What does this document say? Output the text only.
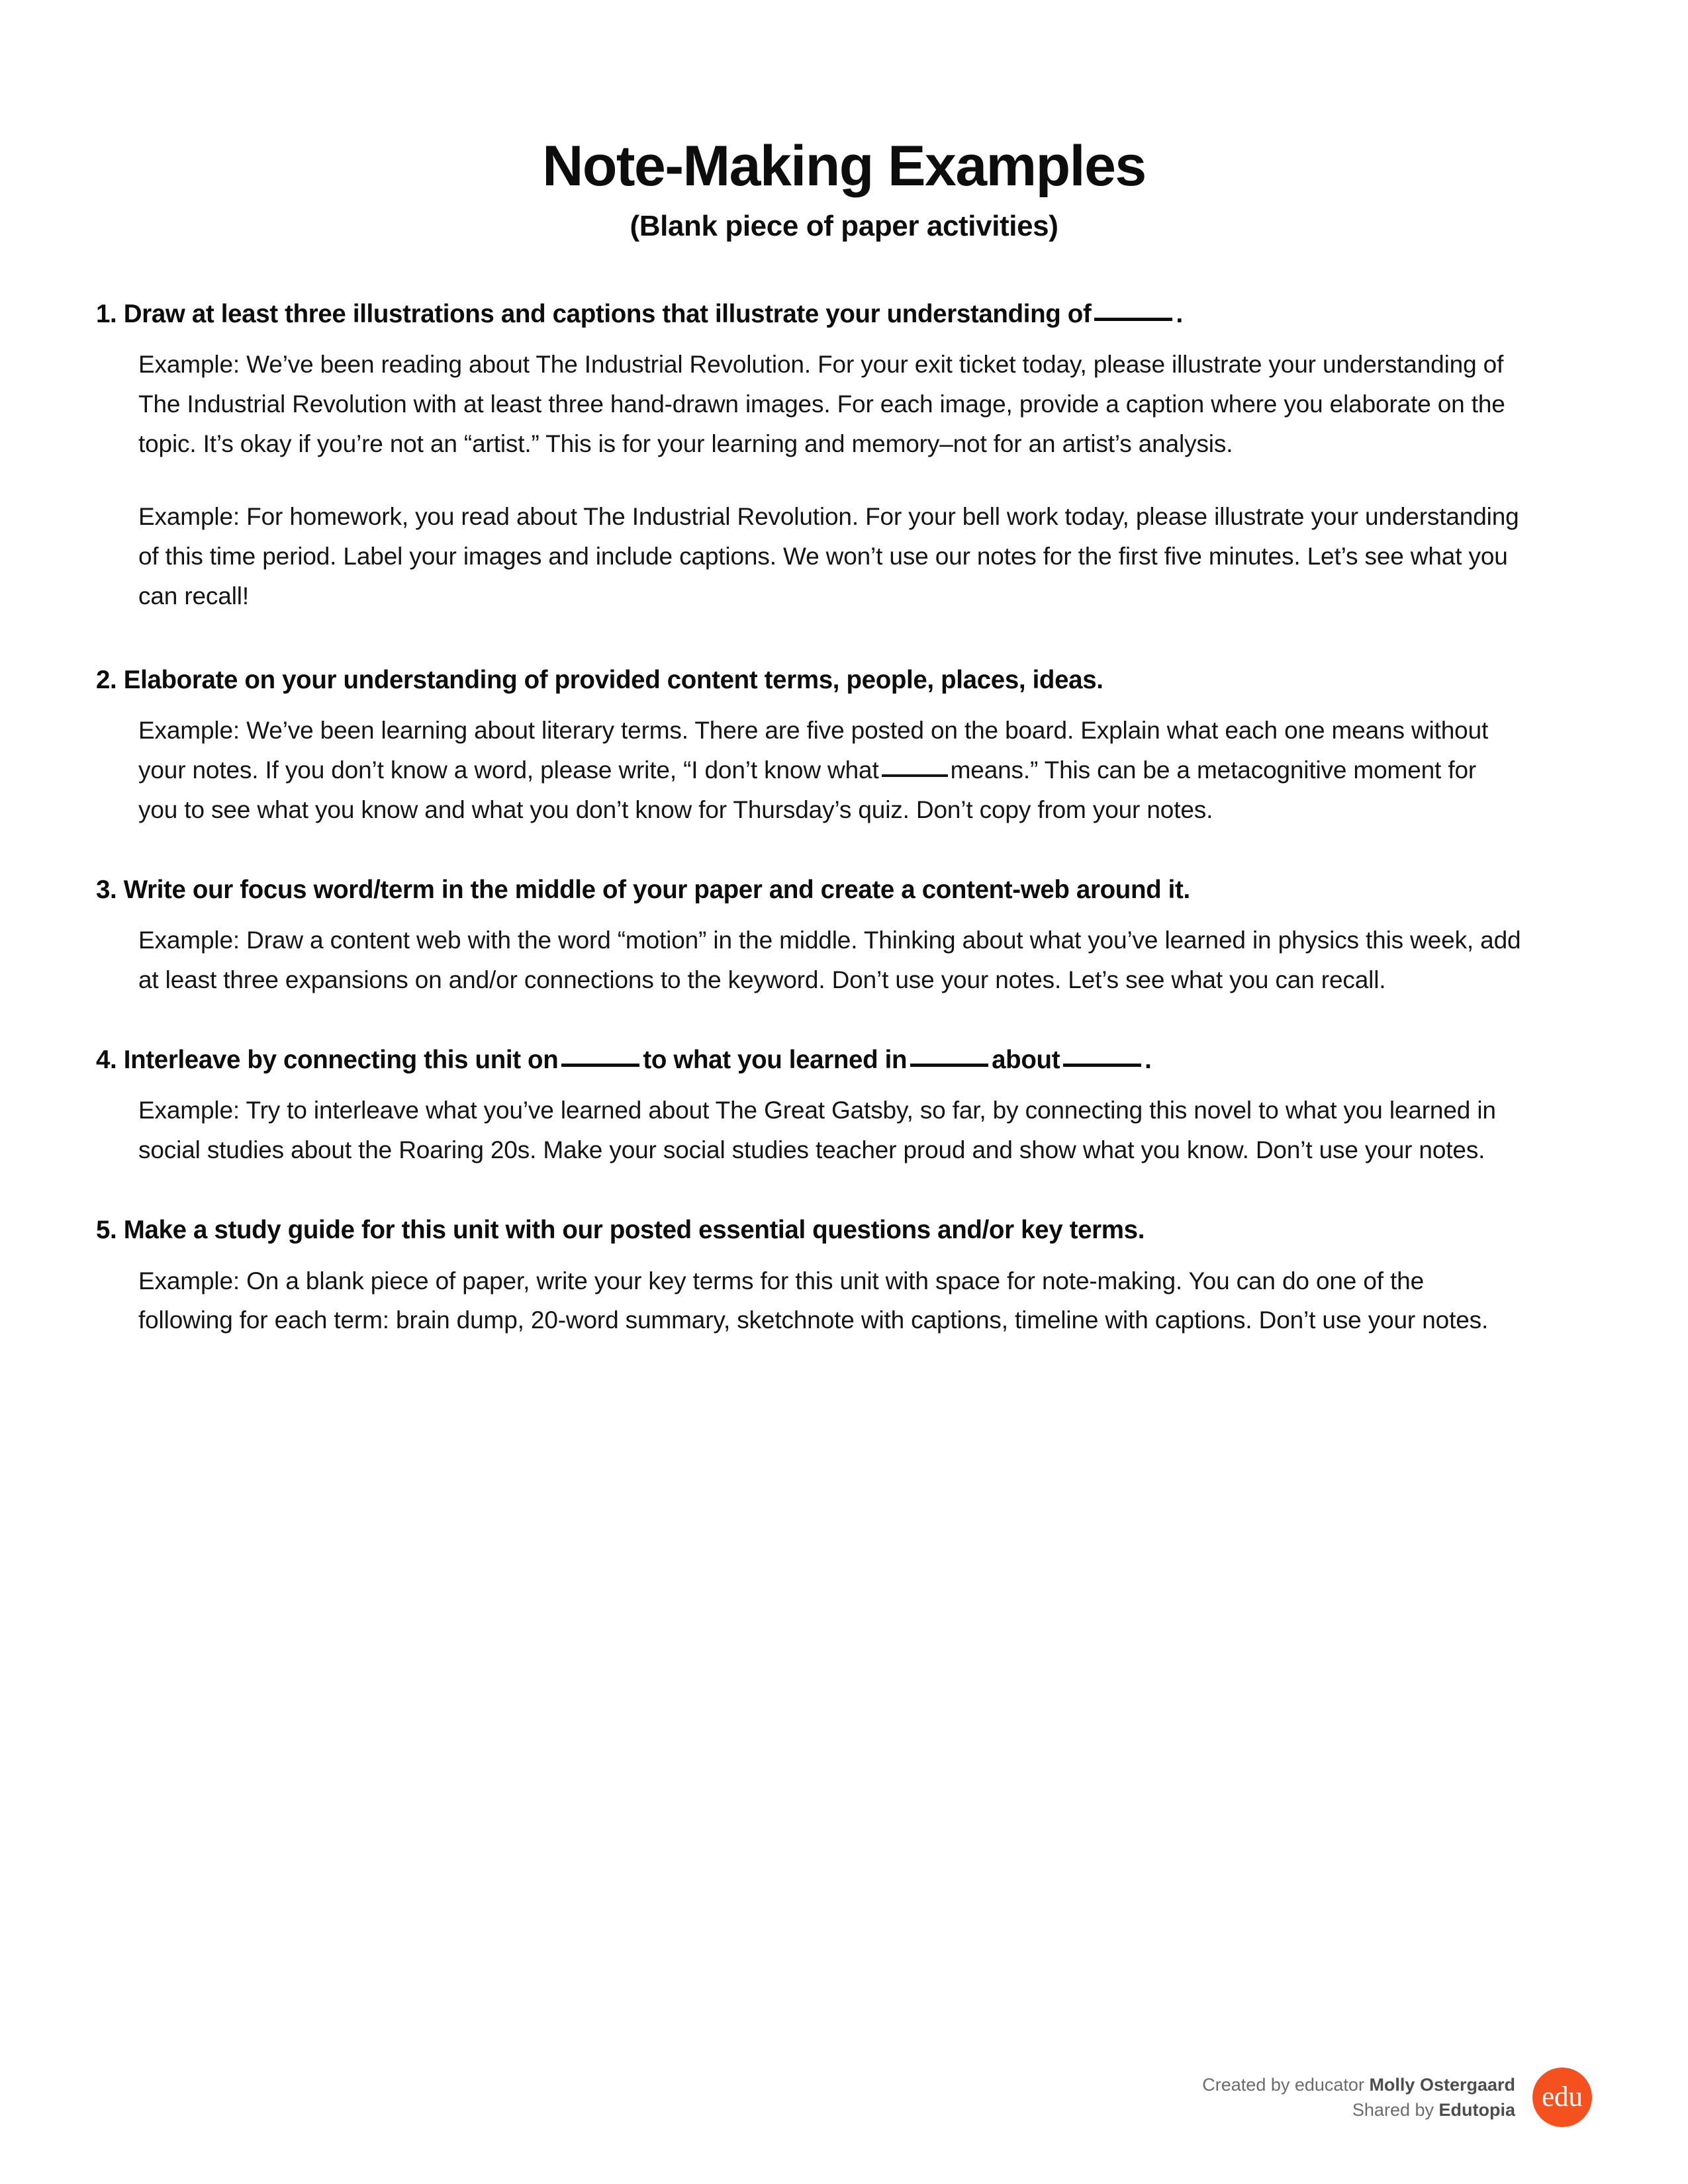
Note-Making Examples
(Blank piece of paper activities)
1. Draw at least three illustrations and captions that illustrate your understanding of	.

Example: We’ve been reading about The Industrial Revolution. For your exit ticket today, please illustrate your understanding of The Industrial Revolution with at least three hand-drawn images. For each image, provide a caption where you elaborate on the topic. It’s okay if you’re not an “artist.” This is for your learning and memory–not for an artist’s analysis.

Example: For homework, you read about The Industrial Revolution. For your bell work today, please illustrate your understanding of this time period. Label your images and include captions. We won’t use our notes for the first five minutes. Let’s see what you can recall!

2. Elaborate on your understanding of provided content terms, people, places, ideas.

Example: We’ve been learning about literary terms. There are five posted on the board. Explain what each one means without your notes. If you don’t know a word, please write, “I don’t know what	means.” This can be a metacognitive moment for you to see what you know and what you don’t know for Thursday’s quiz. Don’t copy from your notes.

3. Write our focus word/term in the middle of your paper and create a content-web around it.

Example: Draw a content web with the word “motion” in the middle. Thinking about what you’ve learned in physics this week, add at least three expansions on and/or connections to the keyword. Don’t use your notes. Let’s see what you can recall.

4. Interleave by connecting this unit on	to what you learned in	about	.

Example: Try to interleave what you’ve learned about The Great Gatsby, so far, by connecting this novel to what you learned in social studies about the Roaring 20s. Make your social studies teacher proud and show what you know. Don’t use your notes.

5. Make a study guide for this unit with our posted essential questions and/or key terms.

Example: On a blank piece of paper, write your key terms for this unit with space for note-making. You can do one of the following for each term: brain dump, 20-word summary, sketchnote with captions, timeline with captions. Don’t use your notes.

Created by educator Molly Ostergaard
Shared by Edutopia edu
